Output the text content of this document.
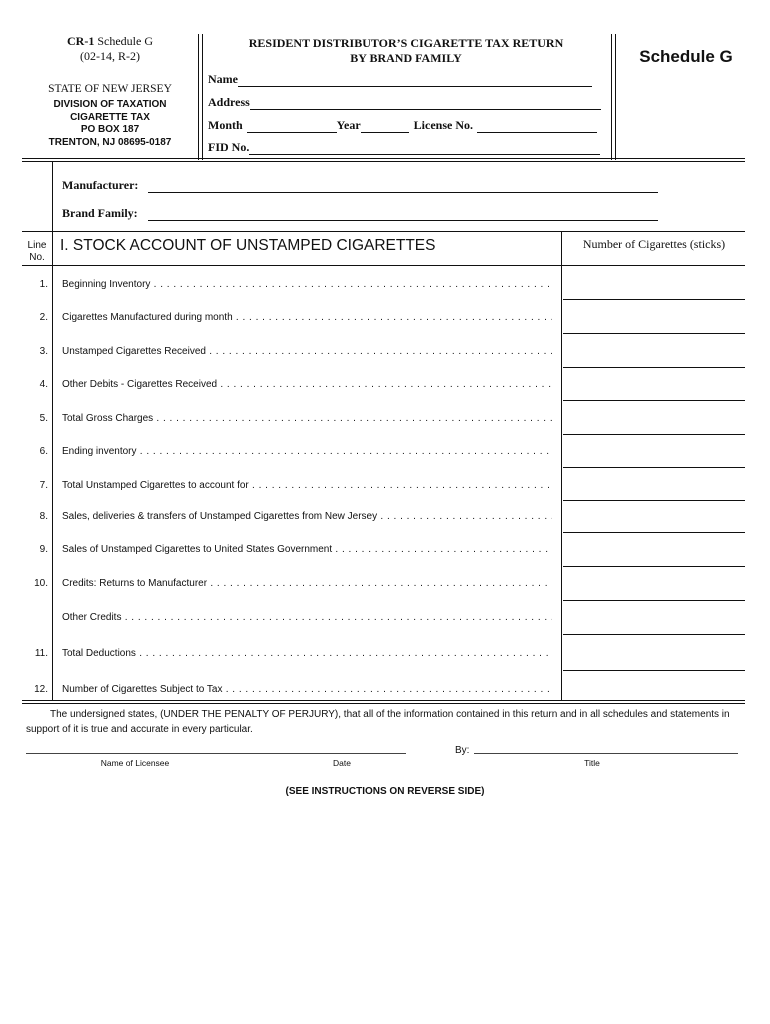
CR-1 Schedule G
(02-14, R-2)
STATE OF NEW JERSEY
DIVISION OF TAXATION
CIGARETTE TAX
PO BOX 187
TRENTON, NJ 08695-0187
RESIDENT DISTRIBUTOR’S CIGARETTE TAX RETURN
BY BRAND FAMILY
Name
Address
Month	Year	License No.
FID No.
Schedule G
Manufacturer:
Brand Family:
Line
No.
I. STOCK ACCOUNT OF UNSTAMPED CIGARETTES	Number of Cigarettes (sticks)
1. Beginning Inventory . . .
2. Cigarettes Manufactured during month . . .
3. Unstamped Cigarettes Received . . .
4. Other Debits - Cigarettes Received . . .
5. Total Gross Charges . . .
6. Ending inventory . . .
7. Total Unstamped Cigarettes to account for . . .
8. Sales, deliveries & transfers of Unstamped Cigarettes from New Jersey . . .
9. Sales of Unstamped Cigarettes to United States Government . . .
10. Credits: Returns to Manufacturer . . .
Other Credits . . .
11. Total Deductions . . .
12. Number of Cigarettes Subject to Tax . . .
The undersigned states, (UNDER THE PENALTY OF PERJURY), that all of the information contained in this return and in all schedules and statements in support of it is true and accurate in every particular.
By:
Name of Licensee	Date	Title
(SEE INSTRUCTIONS ON REVERSE SIDE)
